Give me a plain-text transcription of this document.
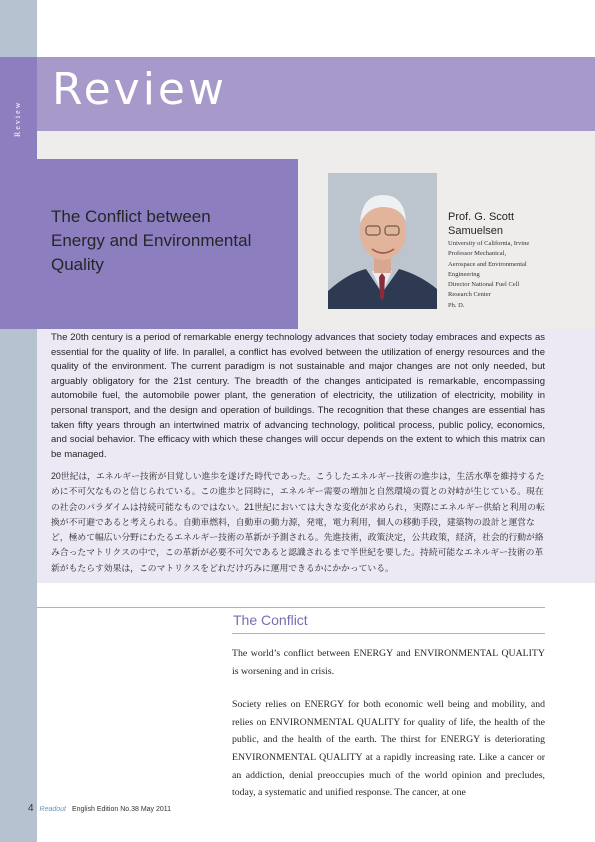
Review
Review
The Conflict between
Energy and Environmental
Quality
Prof. G. Scott
Samuelsen
University of California, Irvine
Professor Mechanical,
Aerospace and Environmental
Engineering
Director National Fuel Cell
Research Center
Ph. D.
The 20th century is a period of remarkable energy technology advances that society today embraces and expects as essential for the quality of life. In parallel, a conflict has evolved between the utilization of energy resources and the quality of the environment. The current paradigm is not sustainable and major changes are not only needed, but arguably obligatory for the 21st century. The breadth of the changes anticipated is remarkable, encompassing automobile fuel, the automobile power plant, the generation of electricity, the utilization of electricity, mobility in personal transport, and the design and operation of buildings. The recognition that these changes are essential has taken fifty years through an intertwined matrix of advancing technology, political process, public policy, economics, and social behavior. The efficacy with which these changes will occur depends on the extent to which this matrix can be managed.
20世紀は，エネルギー技術が目覚しい進歩を遂げた時代であった。こうしたエネルギー技術の進歩は，生活水準を維持するために不可欠なものと信じられている。この進歩と同時に，エネルギー需要の増加と自然環境の質との対峙が生じている。現在の社会のパラダイムは持続可能なものではない。21世紀においては大きな変化が求められ，実際にエネルギー供給と利用の転換が不可避であると考えられる。自動車燃料，自動車の動力源，発電，電力利用，個人の移動手段，建築物の設計と運営など，極めて幅広い分野にわたるエネルギー技術の革新が予測される。先進技術，政策決定，公共政策，経済，社会的行動が絡み合ったマトリクスの中で，この革新が必要不可欠であると認識されるまで半世紀を要した。持続可能なエネルギー技術の革新がもたらす効果は，このマトリクスをどれだけ巧みに運用できるかにかかっている。
The Conflict

The world’s conflict between ENERGY and ENVIRONMENTAL QUALITY is worsening and in crisis.

Society relies on ENERGY for both economic well being and mobility, and relies on ENVIRONMENTAL QUALITY for quality of life, the health of the public, and the health of the earth. The thirst for ENERGY is deteriorating ENVIRONMENTAL QUALITY at a rapidly increasing rate. Like a cancer or an addiction, denial preoccupies much of the world opinion and precludes, today, a systematic and unified response. The cancer, at one

4 Readout English Edition No.38 May 2011
